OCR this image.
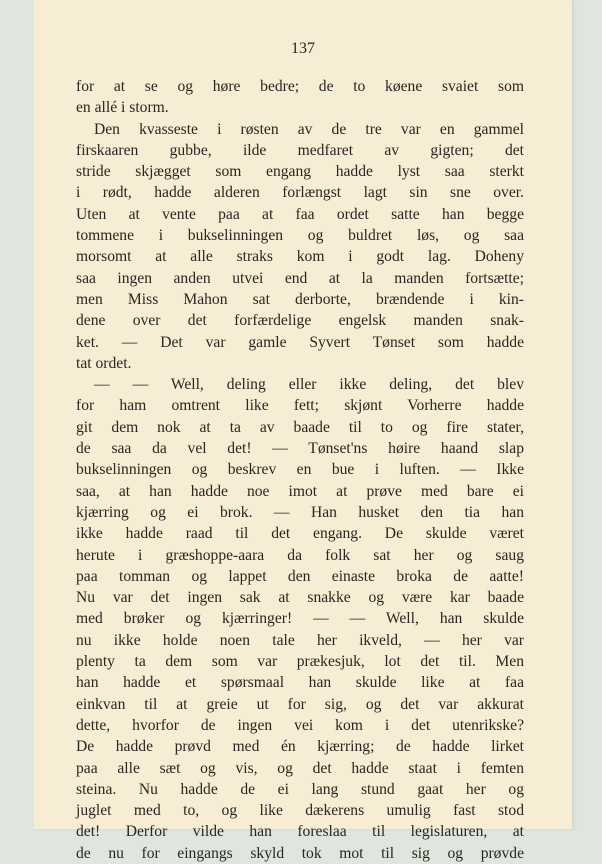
137
for at se og høre bedre; de to køene svaiet som
en allé i storm.
Den kvasseste i røsten av de tre var en gammel
firskaaren gubbe, ilde medfaret av gigten; det
stride skjægget som engang hadde lyst saa sterkt
i rødt, hadde alderen forlængst lagt sin sne over.
Uten at vente paa at faa ordet satte han begge
tommene i bukselinningen og buldret løs, og saa
morsomt at alle straks kom i godt lag. Doheny
saa ingen anden utvei end at la manden fortsætte;
men Miss Mahon sat derborte, brændende i kin-
dene over det forfærdelige engelsk manden snak-
ket. — Det var gamle Syvert Tønset som hadde
tat ordet.
— — Well, deling eller ikke deling, det blev
for ham omtrent like fett; skjønt Vorherre hadde
git dem nok at ta av baade til to og fire stater,
de saa da vel det! — Tønset'ns høire haand slap
bukselinningen og beskrev en bue i luften. — Ikke
saa, at han hadde noe imot at prøve med bare ei
kjærring og ei brok. — Han husket den tia han
ikke hadde raad til det engang. De skulde været
herute i græshoppe-aara da folk sat her og saug
paa tomman og lappet den einaste broka de aatte!
Nu var det ingen sak at snakke og være kar baade
med brøker og kjærringer! — — Well, han skulde
nu ikke holde noen tale her ikveld, — her var
plenty ta dem som var prækesjuk, lot det til. Men
han hadde et spørsmaal han skulde like at faa
einkvan til at greie ut for sig, og det var akkurat
dette, hvorfor de ingen vei kom i det utenrikske?
De hadde prøvd med én kjærring; de hadde lirket
paa alle sæt og vis, og det hadde staat i femten
steina. Nu hadde de ei lang stund gaat her og
juglet med to, og like dækerens umulig fast stod
det! Derfor vilde han foreslaa til legislaturen, at
de nu for eingangs skyld tok mot til sig og prøvde
